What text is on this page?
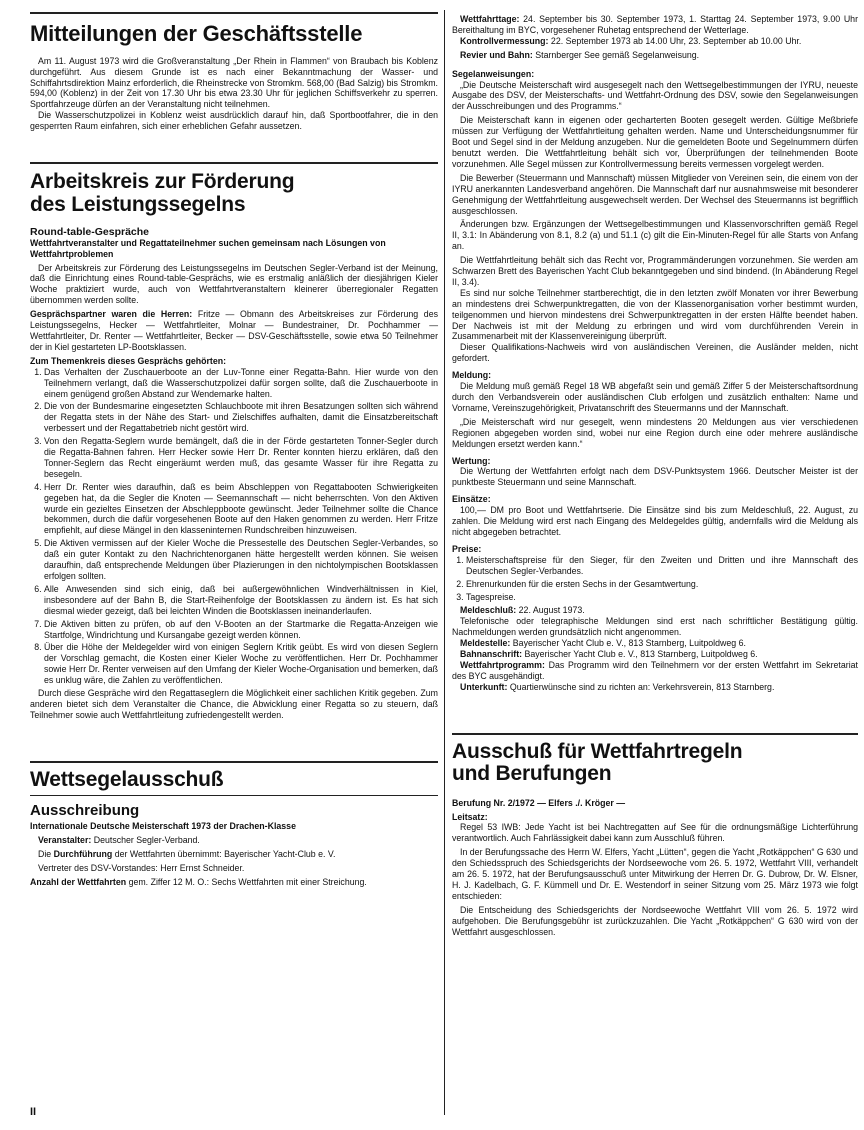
Mitteilungen der Geschäftsstelle

Am 11. August 1973 wird die Großveranstaltung „Der Rhein in Flammen“ von Braubach bis Koblenz durchgeführt. Aus diesem Grunde ist es nach einer Bekanntmachung der Wasser- und Schiffahrtsdirektion Mainz erforderlich, die Rheinstrecke von Stromkm. 568,00 (Bad Salzig) bis Stromkm. 594,00 (Koblenz) in der Zeit von 17.30 Uhr bis etwa 23.30 Uhr für jeglichen Schiffsverkehr zu sperren. Sportfahrzeuge dürfen an der Veranstaltung nicht teilnehmen.

Die Wasserschutzpolizei in Koblenz weist ausdrücklich darauf hin, daß Sportbootfahrer, die in den gesperrten Raum einfahren, sich einer erheblichen Gefahr aussetzen.

Arbeitskreis zur Förderung
des Leistungssegelns

Round-table-Gespräche

Wettfahrtveranstalter und Regattateilnehmer suchen gemeinsam nach Lösungen von Wettfahrtproblemen

Der Arbeitskreis zur Förderung des Leistungssegelns im Deutschen Segler-Verband ist der Meinung, daß die Einrichtung eines Round-table-Gesprächs, wie es erstmalig anläßlich der diesjährigen Kieler Woche praktiziert wurde, auch von Wettfahrtveranstaltern kleinerer überregionaler Regatten übernommen werden sollte.

Gesprächspartner waren die Herren: Fritze — Obmann des Arbeitskreises zur Förderung des Leistungssegelns, Hecker — Wettfahrtleiter, Molnar — Bundestrainer, Dr. Pochhammer — Wettfahrtleiter, Dr. Renter — Wettfahrtleiter, Becker — DSV-Geschäftsstelle, sowie etwa 50 Teilnehmer der in Kiel gestarteten LP-Bootsklassen.

Zum Themenkreis dieses Gesprächs gehörten:

1. Das Verhalten der Zuschauerboote an der Luv-Tonne einer Regatta-Bahn. Hier wurde von den Teilnehmern verlangt, daß die Wasserschutzpolizei dafür sorgen sollte, daß die Zuschauerboote in einem genügend großen Abstand zur Wendemarke halten.
2. Die von der Bundesmarine eingesetzten Schlauchboote mit ihren Besatzungen sollten sich während der Regatta stets in der Nähe des Start- und Zielschiffes aufhalten, damit die Einsatzbereitschaft verbessert und der Regattabetrieb nicht gestört wird.
3. Von den Regatta-Seglern wurde bemängelt, daß die in der Förde gestarteten Tonner-Segler durch die Regatta-Bahnen fahren. Herr Hecker sowie Herr Dr. Renter konnten hierzu erklären, daß den Tonner-Seglern das Recht eingeräumt werden muß, das gesamte Wasser für ihre Regatta zu besegeln.
4. Herr Dr. Renter wies daraufhin, daß es beim Abschleppen von Regattabooten Schwierigkeiten gegeben hat, da die Segler die Knoten — Seemannschaft — nicht beherrschten. Von den Aktiven wurde ein gezieltes Einsetzen der Abschleppboote gewünscht. Jeder Teilnehmer sollte die Chance bekommen, durch die dafür vorgesehenen Boote auf den Haken genommen zu werden. Herr Fritze empfiehlt, auf diese Mängel in den klasseninternen Rundschreiben hinzuweisen.
5. Die Aktiven vermissen auf der Kieler Woche die Pressestelle des Deutschen Segler-Verbandes, so daß ein guter Kontakt zu den Nachrichtenorganen hätte hergestellt werden können. Sie weisen daraufhin, daß entsprechende Meldungen über Plazierungen in den nichtolympischen Bootsklassen erfolgen sollten.
6. Alle Anwesenden sind sich einig, daß bei außergewöhnlichen Windverhältnissen in Kiel, insbesondere auf der Bahn B, die Start-Reihenfolge der Bootsklassen zu ändern ist. Es hat sich diesmal wieder gezeigt, daß bei leichten Winden die Bootsklassen ineinanderlaufen.
7. Die Aktiven bitten zu prüfen, ob auf den V-Booten an der Startmarke die Regatta-Anzeigen wie Startfolge, Windrichtung und Kursangabe gezeigt werden können.
8. Über die Höhe der Meldegelder wird von einigen Seglern Kritik geübt. Es wird von diesen Seglern der Vorschlag gemacht, die Kosten einer Kieler Woche zu veröffentlichen. Herr Dr. Pochhammer sowie Herr Dr. Renter verweisen auf den Umfang der Kieler Woche-Organisation und bemerken, daß es unklug wäre, die Zahlen zu veröffentlichen.

Durch diese Gespräche wird den Regattaseglern die Möglichkeit einer sachlichen Kritik gegeben. Zum anderen bietet sich dem Veranstalter die Chance, die Abwicklung einer Regatta so zu steuern, daß Teilnehmer sowie auch Wettfahrtleitung zufriedengestellt werden.

Wettsegelausschuß
Ausschreibung

Internationale Deutsche Meisterschaft 1973 der Drachen-Klasse

Veranstalter: Deutscher Segler-Verband.

Die Durchführung der Wettfahrten übernimmt: Bayerischer Yacht-Club e. V.

Vertreter des DSV-Vorstandes: Herr Ernst Schneider.

Anzahl der Wettfahrten gem. Ziffer 12 M. O.: Sechs Wettfahrten mit einer Streichung.

II

Wettfahrttage: 24. September bis 30. September 1973, 1. Starttag 24. September 1973, 9.00 Uhr Bereithaltung im BYC, vorgesehener Ruhetag entsprechend der Wetterlage.

Kontrollvermessung: 22. September 1973 ab 14.00 Uhr, 23. September ab 10.00 Uhr.

Revier und Bahn: Starnberger See gemäß Segelanweisung.

Segelanweisungen:

„Die Deutsche Meisterschaft wird ausgesegelt nach den Wettsegelbestimmungen der IYRU, neueste Ausgabe des DSV, der Meisterschafts- und Wettfahrt-Ordnung des DSV, sowie den Segelanweisungen der Ausschreibungen und des Programms.“

Die Meisterschaft kann in eigenen oder gecharterten Booten gesegelt werden. Gültige Meßbriefe müssen zur Verfügung der Wettfahrtleitung gehalten werden. Name und Unterscheidungsnummer für Boot und Segel sind in der Meldung anzugeben. Nur die gemeldeten Boote und Segelnummern dürfen benutzt werden. Die Wettfahrtleitung behält sich vor, Überprüfungen der teilnehmenden Boote vorzunehmen. Alle Segel müssen zur Kontrollvermessung bereits vermessen vorgelegt werden.

Die Bewerber (Steuermann und Mannschaft) müssen Mitglieder von Vereinen sein, die einem von der IYRU anerkannten Landesverband angehören. Die Mannschaft darf nur ausnahmsweise mit besonderer Genehmigung der Wettfahrtleitung ausgewechselt werden. Der Wechsel des Steuermanns ist begrifflich ausgeschlossen.

Änderungen bzw. Ergänzungen der Wettsegelbestimmungen und Klassenvorschriften gemäß Regel II, 3.1: In Abänderung von 8.1, 8.2 (a) und 51.1 (c) gilt die Ein-Minuten-Regel für alle Starts von Anfang an.

Die Wettfahrtleitung behält sich das Recht vor, Programmänderungen vorzunehmen. Sie werden am Schwarzen Brett des Bayerischen Yacht Club bekanntgegeben und sind bindend. (In Abänderung Regel II, 3.4).

Es sind nur solche Teilnehmer startberechtigt, die in den letzten zwölf Monaten vor ihrer Bewerbung an mindestens drei Schwerpunktregatten, die von der Klassenorganisation vorher bestimmt wurden, teilgenommen und hiervon mindestens drei Schwerpunktregatten in der ersten Hälfte beendet haben. Der Nachweis ist mit der Meldung zu erbringen und wird vom durchführenden Verein in Zusammenarbeit mit der Klassenvereinigung überprüft.

Dieser Qualifikations-Nachweis wird von ausländischen Vereinen, die Ausländer melden, nicht gefordert.

Meldung:

Die Meldung muß gemäß Regel 18 WB abgefaßt sein und gemäß Ziffer 5 der Meisterschaftsordnung durch den Verbandsverein oder ausländischen Club erfolgen und zusätzlich enthalten: Name und Vorname, Vereinszugehörigkeit, Privatanschrift des Steuermanns und der Mannschaft.

„Die Meisterschaft wird nur gesegelt, wenn mindestens 20 Meldungen aus vier verschiedenen Regionen abgegeben worden sind, wobei nur eine Region durch eine oder mehrere ausländische Meldungen ersetzt werden kann.“

Wertung:

Die Wertung der Wettfahrten erfolgt nach dem DSV-Punktsystem 1966. Deutscher Meister ist der punktbeste Steuermann und seine Mannschaft.

Einsätze:

100,— DM pro Boot und Wettfahrtserie. Die Einsätze sind bis zum Meldeschluß, 22. August, zu zahlen. Die Meldung wird erst nach Eingang des Meldegeldes gültig, andernfalls wird die Meldung als nicht abgegeben betrachtet.

Preise:

1. Meisterschaftspreise für den Sieger, für den Zweiten und Dritten und ihre Mannschaft des Deutschen Segler-Verbandes.
2. Ehrenurkunden für die ersten Sechs in der Gesamtwertung.
3. Tagespreise.

Meldeschluß: 22. August 1973.

Telefonische oder telegraphische Meldungen sind erst nach schriftlicher Bestätigung gültig. Nachmeldungen werden grundsätzlich nicht angenommen.

Meldestelle: Bayerischer Yacht Club e. V., 813 Starnberg, Luitpoldweg 6.

Bahnanschrift: Bayerischer Yacht Club e. V., 813 Starnberg, Luitpoldweg 6.

Wettfahrtprogramm: Das Programm wird den Teilnehmern vor der ersten Wettfahrt im Sekretariat des BYC ausgehändigt.

Unterkunft: Quartierwünsche sind zu richten an: Verkehrsverein, 813 Starnberg.

Ausschuß für Wettfahrtregeln
und Berufungen

Berufung Nr. 2/1972 — Elfers ./. Kröger —

Leitsatz:

Regel 53 IWB: Jede Yacht ist bei Nachtregatten auf See für die ordnungsmäßige Lichterführung verantwortlich. Auch Fahrlässigkeit dabei kann zum Ausschluß führen.

In der Berufungssache des Herrn W. Elfers, Yacht „Lütten“, gegen die Yacht „Rotkäppchen“ G 630 und den Schiedsspruch des Schiedsgerichts der Nordseewoche vom 26. 5. 1972, Wettfahrt VIII, verhandelt am 26. 5. 1972, hat der Berufungsausschuß unter Mitwirkung der Herren Dr. G. Dubrow, Dr. W. Elsner, H. J. Kadelbach, G. F. Kümmell und Dr. E. Westendorf in seiner Sitzung vom 25. März 1973 wie folgt entschieden:

Die Entscheidung des Schiedsgerichts der Nordseewoche Wettfahrt VIII vom 26. 5. 1972 wird aufgehoben. Die Berufungsgebühr ist zurückzuzahlen. Die Yacht „Rotkäppchen“ G 630 wird von der Wettfahrt ausgeschlossen.
